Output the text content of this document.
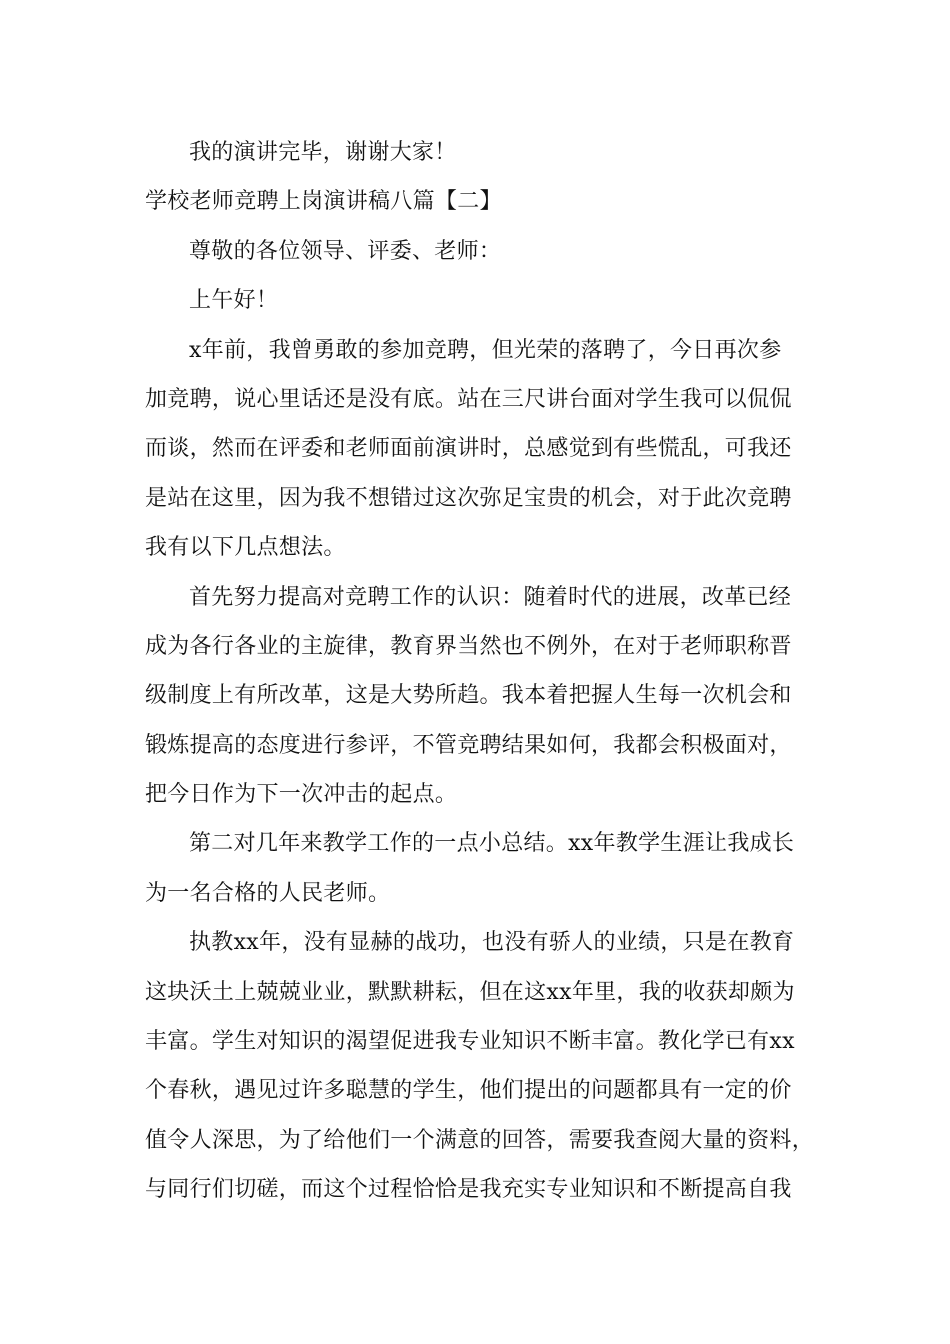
我的演讲完毕，谢谢大家！
学校老师竞聘上岗演讲稿八篇【二】
尊敬的各位领导、评委、老师：
上午好！
x年前，我曾勇敢的参加竞聘，但光荣的落聘了，今日再次参
加竞聘，说心里话还是没有底。站在三尺讲台面对学生我可以侃侃
而谈，然而在评委和老师面前演讲时，总感觉到有些慌乱，可我还
是站在这里，因为我不想错过这次弥足宝贵的机会，对于此次竞聘
我有以下几点想法。
首先努力提高对竞聘工作的认识：随着时代的进展，改革已经
成为各行各业的主旋律，教育界当然也不例外，在对于老师职称晋
级制度上有所改革，这是大势所趋。我本着把握人生每一次机会和
锻炼提高的态度进行参评，不管竞聘结果如何，我都会积极面对，
把今日作为下一次冲击的起点。
第二对几年来教学工作的一点小总结。xx年教学生涯让我成长
为一名合格的人民老师。
执教xx年，没有显赫的战功，也没有骄人的业绩，只是在教育
这块沃土上兢兢业业，默默耕耘，但在这xx年里，我的收获却颇为
丰富。学生对知识的渴望促进我专业知识不断丰富。教化学已有xx
个春秋，遇见过许多聪慧的学生，他们提出的问题都具有一定的价
值令人深思，为了给他们一个满意的回答，需要我查阅大量的资料，
与同行们切磋，而这个过程恰恰是我充实专业知识和不断提高自我
